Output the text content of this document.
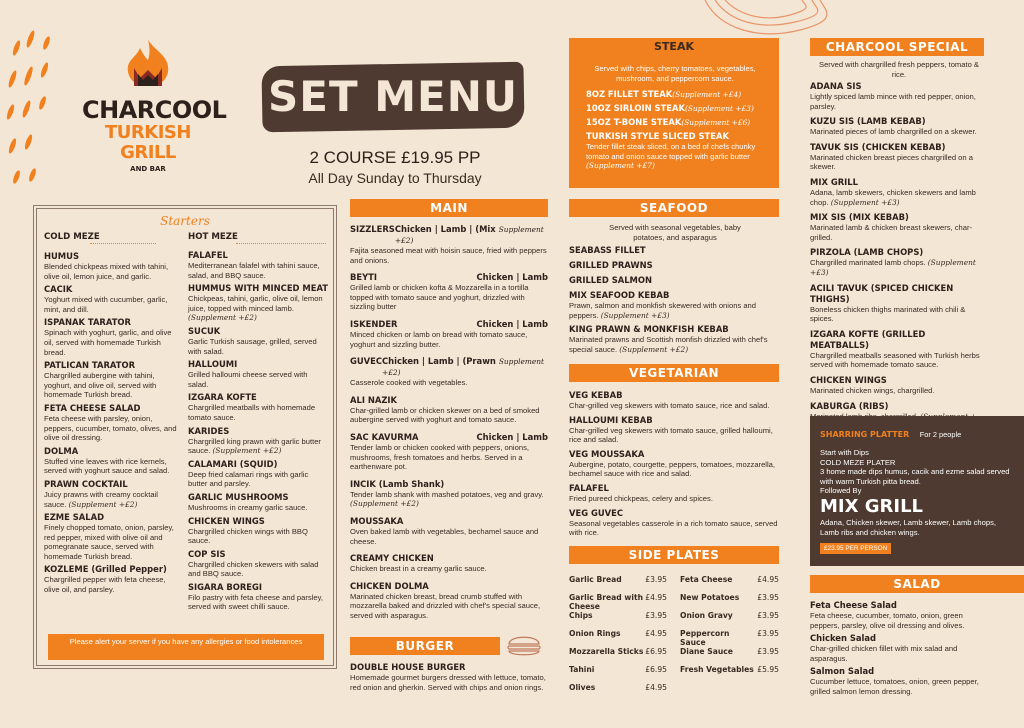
CHARCOOL
TURKISH GRILL
AND BAR
SET MENU
2 COURSE £19.95 PP
All Day Sunday to Thursday
Starters
COLD MEZE	HOT MEZE
HUMUS
Blended chickpeas mixed with tahini, olive oil, lemon juice, and garlic.
CACIK
Yoghurt mixed with cucumber, garlic, mint, and dill.
ISPANAK TARATOR
Spinach with yoghurt, garlic, and olive oil, served with homemade Turkish bread.
PATLICAN TARATOR
Chargrilled aubergine with tahini, yoghurt, and olive oil, served with homemade Turkish bread.
FETA CHEESE SALAD
Feta cheese with parsley, onion, peppers, cucumber, tomato, olives, and olive oil dressing.
DOLMA
Stuffed vine leaves with rice kernels, served with yoghurt sauce and salad.
PRAWN COCKTAIL
Juicy prawns with creamy cocktail sauce. (Supplement +£2)
EZME SALAD
Finely chopped tomato, onion, parsley, red pepper, mixed with olive oil and pomegranate sauce, served with homemade Turkish bread.
KOZLEME (Grilled Pepper)
Chargrilled pepper with feta cheese, olive oil, and parsley.
FALAFEL
Mediterranean falafel with tahini sauce, salad, and BBQ sauce.
HUMMUS WITH MINCED MEAT
Chickpeas, tahini, garlic, olive oil, lemon juice, topped with minced lamb. (Supplement +£2)
SUCUK
Garlic Turkish sausage, grilled, served with salad.
HALLOUMI
Grilled halloumi cheese served with salad.
IZGARA KOFTE
Chargrilled meatballs with homemade tomato sauce.
KARIDES
Chargrilled king prawn with garlic butter sauce. (Supplement +£2)
CALAMARI (SQUID)
Deep fried calamari rings with garlic butter and parsley.
GARLIC MUSHROOMS
Mushrooms in creamy garlic sauce.
CHICKEN WINGS
Chargrilled chicken wings with BBQ sauce.
COP SIS
Chargrilled chicken skewers with salad and BBQ sauce.
SIGARA BOREGI
Filo pastry with feta cheese and parsley, served with sweet chilli sauce.
Please alert your server if you have any allergies or food intolerances
MAIN
SIZZLERS Chicken | Lamb | (Mix Supplement +£2)
Fajita seasoned meat with hoisin sauce, fried with peppers and onions.
BEYTI	Chicken | Lamb
Grilled lamb or chicken kofta & Mozzarella in a tortilla topped with tomato sauce and yoghurt, drizzled with sizzling butter
ISKENDER	Chicken | Lamb
Minced chicken or lamb on bread with tomato sauce, yoghurt and sizzling butter.
GUVEC Chicken | Lamb | (Prawn Supplement +£2)
Casserole cooked with vegetables.
ALI NAZIK
Char-grilled lamb or chicken skewer on a bed of smoked aubergine served with yoghurt and tomato sauce.
SAC KAVURMA	Chicken | Lamb
Tender lamb or chicken cooked with peppers, onions, mushrooms, fresh tomatoes and herbs. Served in a earthenware pot.
INCIK (Lamb Shank)
Tender lamb shank with mashed potatoes, veg and gravy. (Supplement +£2)
MOUSSAKA
Oven baked lamb with vegetables, bechamel sauce and cheese.
CREAMY CHICKEN
Chicken breast in a creamy garlic sauce.
CHICKEN DOLMA
Marinated chicken breast, bread crumb stuffed with mozzarella baked and drizzled with chef's special sauce, served with asparagus.
BURGER
DOUBLE HOUSE BURGER
Homemade gourmet burgers dressed with lettuce, tomato, red onion and gherkin. Served with chips and onion rings.
STEAK
Served with chips, cherry tomatoes, vegetables, mushroom, and peppercorn sauce.
8OZ FILLET STEAK(Supplement +£4)
10OZ SIRLOIN STEAK(Supplement +£3)
15OZ T-BONE STEAK(Supplement +£6)
TURKISH STYLE SLICED STEAK
Tender fillet steak sliced, on a bed of chefs chunky tomato and onion sauce topped with garlic butter (Supplement +£7)
SEAFOOD
Served with seasonal vegetables, baby potatoes, and asparagus
SEABASS FILLET
GRILLED PRAWNS
GRILLED SALMON
MIX SEAFOOD KEBAB
Prawn, salmon and monkfish skewered with onions and peppers. (Supplement +£3)
KING PRAWN & MONKFISH KEBAB
Marinated prawns and Scottish monfish drizzled with chef's special sauce. (Supplement +£2)
VEGETARIAN
VEG KEBAB
Char-grilled veg skewers with tomato sauce, rice and salad.
HALLOUMI KEBAB
Char-grilled veg skewers with tomato sauce, grilled halloumi, rice and salad.
VEG MOUSSAKA
Aubergine, potato, courgette, peppers, tomatoes, mozzarella, bechamel sauce with rice and salad.
FALAFEL
Fried pureed chickpeas, celery and spices.
VEG GUVEC
Seasonal vegetables casserole in a rich tomato sauce, served with rice.
SIDE PLATES
Garlic Bread	£3.95
Garlic Bread with Cheese
£4.95
Chips	£3.95
Onion Rings	£4.95
Mozzarella Sticks £6.95
Tahini	£6.95
Olives	£4.95
Feta Cheese	£4.95
New Potatoes £3.95
Onion Gravy	£3.95
Peppercorn Sauce
£3.95
Diane Sauce	£3.95
Fresh Vegetables £5.95
CHARCOOL SPECIAL
Served with chargrilled fresh peppers, tomato & rice.
ADANA SIS
Lightly spiced lamb mince with red pepper, onion, parsley.
KUZU SIS (LAMB KEBAB)
Marinated pieces of lamb chargrilled on a skewer.
TAVUK SIS (CHICKEN KEBAB)
Marinated chicken breast pieces chargrilled on a skewer.
MIX GRILL
Adana, lamb skewers, chicken skewers and lamb chop. (Supplement +£3)
MIX SIS (MIX KEBAB)
Marinated lamb & chicken breast skewers, char-grilled.
PIRZOLA (LAMB CHOPS)
Chargrilled marinated lamb chops. (Supplement +£3)
ACILI TAVUK (SPICED CHICKEN THIGHS)
Boneless chicken thighs marinated with chili & spices.
IZGARA KOFTE (GRILLED MEATBALLS)
Chargrilled meatballs seasoned with Turkish herbs served with homemade tomato sauce.
CHICKEN WINGS
Marinated chicken wings, chargrilled.
KABURGA (RIBS)
SHARRING PLATTER For 2 people
Start with Dips
COLD MEZE PLATER
3 home made dips humus, cacik and ezme salad served with warm Turkish pitta bread.
Followed By
MIX GRILL
Adana, Chicken skewer, Lamb skewer, Lamb chops, Lamb ribs and chicken wings.
£23.95 PER PERSON
SALAD
Feta Cheese Salad
Feta cheese, cucumber, tomato, onion, green peppers, parsley, olive oil dressing and olives.
Chicken Salad
Char-grilled chicken fillet with mix salad and asparagus.
Salmon Salad
Cucumber lettuce, tomatoes, onion, green pepper, grilled salmon lemon dressing.
